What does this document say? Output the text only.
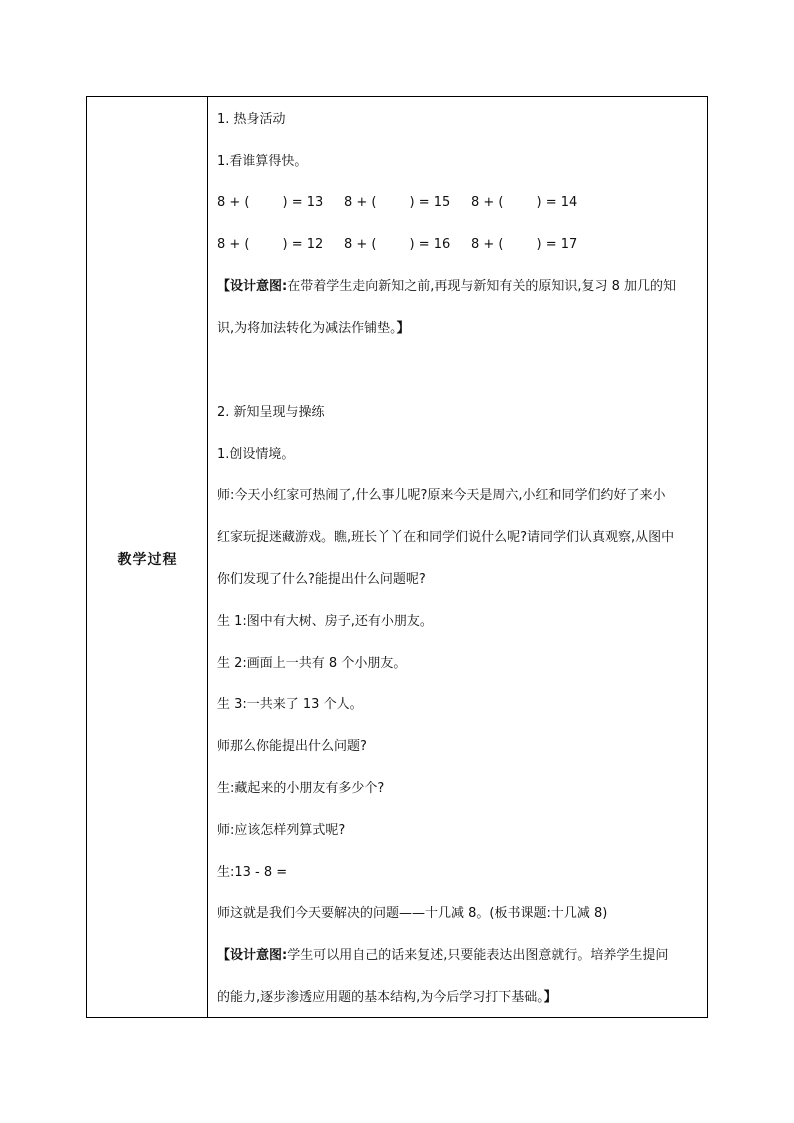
教学过程
1. 热身活动
1.看谁算得快。
8 + (        ) = 13     8 + (        ) = 15     8 + (        ) = 14
8 + (        ) = 12     8 + (        ) = 16     8 + (        ) = 17
【设计意图:在带着学生走向新知之前,再现与新知有关的原知识,复习 8 加几的知
识,为将加法转化为减法作铺垫。】
2. 新知呈现与操练
1.创设情境。
师:今天小红家可热闹了,什么事儿呢?原来今天是周六,小红和同学们约好了来小
红家玩捉迷藏游戏。瞧,班长丫丫在和同学们说什么呢?请同学们认真观察,从图中
你们发现了什么?能提出什么问题呢?
生 1:图中有大树、房子,还有小朋友。
生 2:画面上一共有 8 个小朋友。
生 3:一共来了 13 个人。
师那么你能提出什么问题?
生:藏起来的小朋友有多少个?
师:应该怎样列算式呢?
生:13 - 8 =
师这就是我们今天要解决的问题——十几减 8。(板书课题:十几减 8)
【设计意图:学生可以用自己的话来复述,只要能表达出图意就行。培养学生提问
的能力,逐步渗透应用题的基本结构,为今后学习打下基础。】
